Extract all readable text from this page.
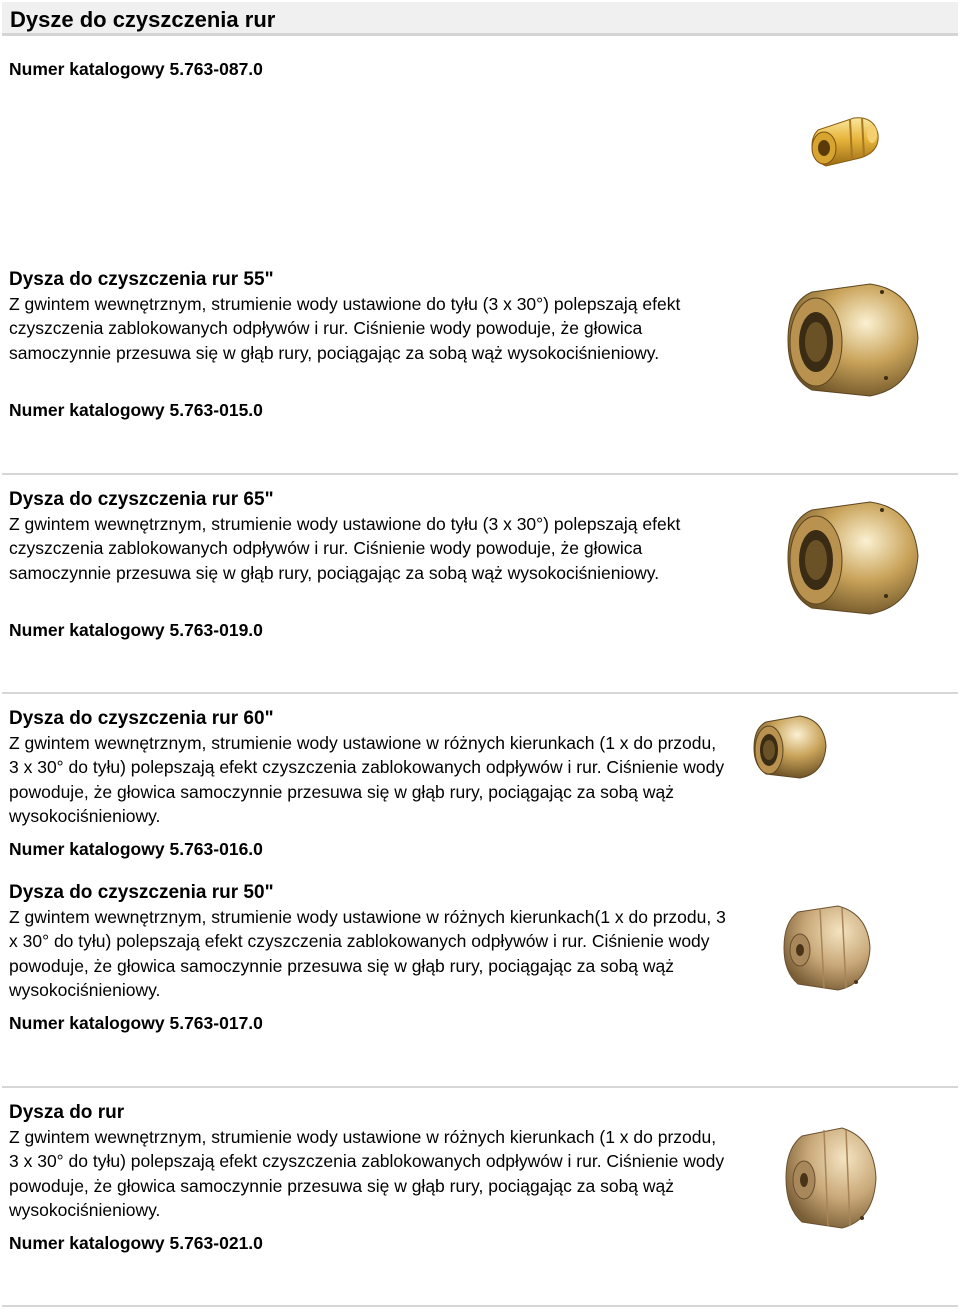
Dysze do czyszczenia rur
Numer katalogowy 5.763-087.0
Dysza do czyszczenia rur 55"

Z gwintem wewnętrznym, strumienie wody ustawione do tyłu (3 x 30°) polepszają efekt czyszczenia zablokowanych odpływów i rur. Ciśnienie wody powoduje, że głowica samoczynnie przesuwa się w głąb rury, pociągając za sobą wąż wysokociśnieniowy.

Numer katalogowy 5.763-015.0
Dysza do czyszczenia rur 65"

Z gwintem wewnętrznym, strumienie wody ustawione do tyłu (3 x 30°) polepszają efekt czyszczenia zablokowanych odpływów i rur. Ciśnienie wody powoduje, że głowica samoczynnie przesuwa się w głąb rury, pociągając za sobą wąż wysokociśnieniowy.

Numer katalogowy 5.763-019.0
Dysza do czyszczenia rur 60"

Z gwintem wewnętrznym, strumienie wody ustawione w różnych kierunkach (1 x do przodu, 3 x 30° do tyłu) polepszają efekt czyszczenia zablokowanych odpływów i rur. Ciśnienie wody powoduje, że głowica samoczynnie przesuwa się w głąb rury, pociągając za sobą wąż wysokociśnieniowy.

Numer katalogowy 5.763-016.0
Dysza do czyszczenia rur 50"

Z gwintem wewnętrznym, strumienie wody ustawione w różnych kierunkach(1 x do przodu, 3 x 30° do tyłu) polepszają efekt czyszczenia zablokowanych odpływów i rur. Ciśnienie wody powoduje, że głowica samoczynnie przesuwa się w głąb rury, pociągając za sobą wąż wysokociśnieniowy.

Numer katalogowy 5.763-017.0
Dysza do rur

Z gwintem wewnętrznym, strumienie wody ustawione w różnych kierunkach (1 x do przodu, 3 x 30° do tyłu) polepszają efekt czyszczenia zablokowanych odpływów i rur. Ciśnienie wody powoduje, że głowica samoczynnie przesuwa się w głąb rury, pociągając za sobą wąż wysokociśnieniowy.

Numer katalogowy 5.763-021.0
